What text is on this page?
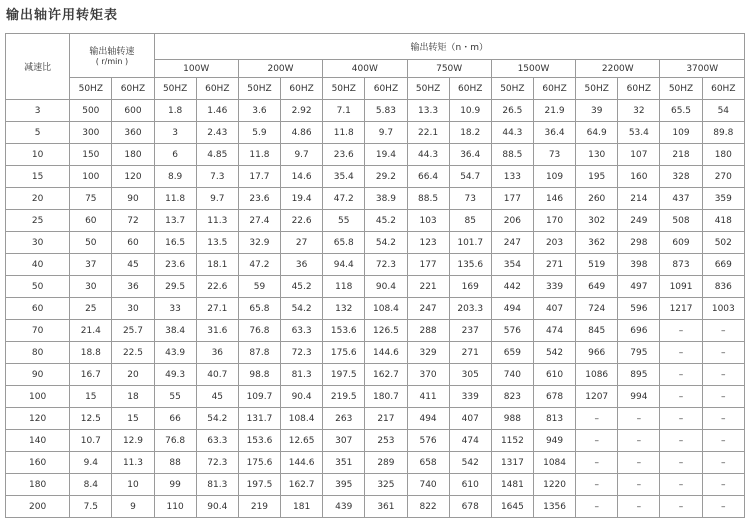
输出轴许用转矩表
减速比	输出轴转速
( r/min )		输出转矩（n・m）													
			100W		200W		400W		750W		1500W		2200W		3700W	
	50HZ	60HZ	50HZ	60HZ	50HZ	60HZ	50HZ	60HZ	50HZ	60HZ	50HZ	60HZ	50HZ	60HZ	50HZ	60HZ
3	500	600	1.8	1.46	3.6	2.92	7.1	5.83	13.3	10.9	26.5	21.9	39	32	65.5	54
5	300	360	3	2.43	5.9	4.86	11.8	9.7	22.1	18.2	44.3	36.4	64.9	53.4	109	89.8
10	150	180	6	4.85	11.8	9.7	23.6	19.4	44.3	36.4	88.5	73	130	107	218	180
15	100	120	8.9	7.3	17.7	14.6	35.4	29.2	66.4	54.7	133	109	195	160	328	270
20	75	90	11.8	9.7	23.6	19.4	47.2	38.9	88.5	73	177	146	260	214	437	359
25	60	72	13.7	11.3	27.4	22.6	55	45.2	103	85	206	170	302	249	508	418
30	50	60	16.5	13.5	32.9	27	65.8	54.2	123	101.7	247	203	362	298	609	502
40	37	45	23.6	18.1	47.2	36	94.4	72.3	177	135.6	354	271	519	398	873	669
50	30	36	29.5	22.6	59	45.2	118	90.4	221	169	442	339	649	497	1091	836
60	25	30	33	27.1	65.8	54.2	132	108.4	247	203.3	494	407	724	596	1217	1003
70	21.4	25.7	38.4	31.6	76.8	63.3	153.6	126.5	288	237	576	474	845	696	–	–
80	18.8	22.5	43.9	36	87.8	72.3	175.6	144.6	329	271	659	542	966	795	–	–
90	16.7	20	49.3	40.7	98.8	81.3	197.5	162.7	370	305	740	610	1086	895	–	–
100	15	18	55	45	109.7	90.4	219.5	180.7	411	339	823	678	1207	994	–	–
120	12.5	15	66	54.2	131.7	108.4	263	217	494	407	988	813	–	–	–	–
140	10.7	12.9	76.8	63.3	153.6	12.65	307	253	576	474	1152	949	–	–	–	–
160	9.4	11.3	88	72.3	175.6	144.6	351	289	658	542	1317	1084	–	–	–	–
180	8.4	10	99	81.3	197.5	162.7	395	325	740	610	1481	1220	–	–	–	–
200	7.5	9	110	90.4	219	181	439	361	822	678	1645	1356	–	–	–	–
